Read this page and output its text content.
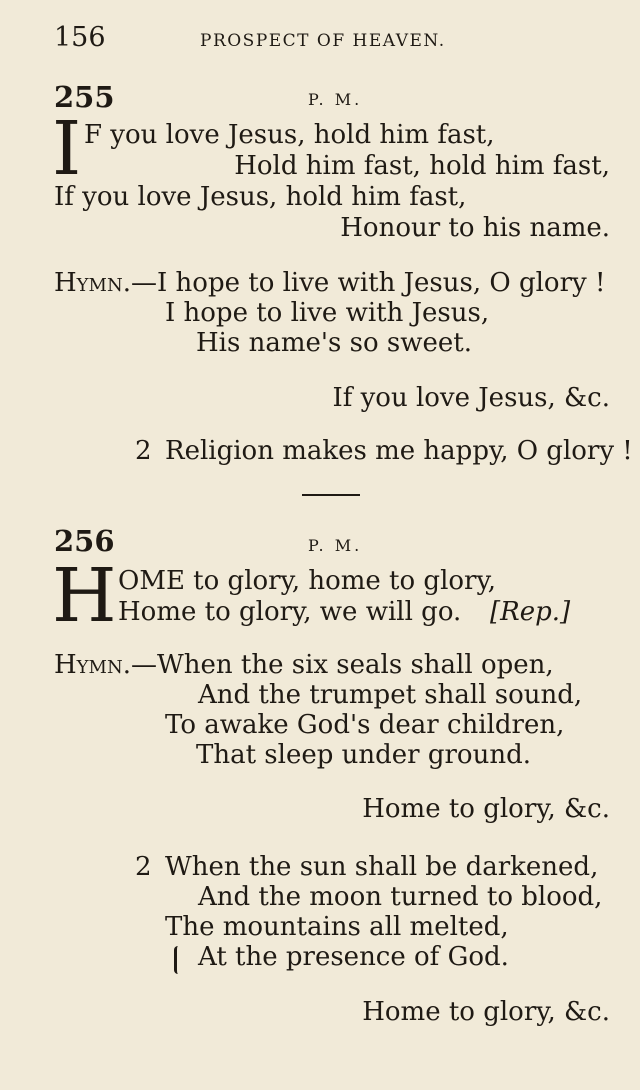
156	PROSPECT OF HEAVEN.
255	P. M.
I F you love Jesus, hold him fast,
Hold him fast, hold him fast,
If you love Jesus, hold him fast,
Honour to his name.
Hymn.—I hope to live with Jesus, O glory !
I hope to live with Jesus,
His name's so sweet.
If you love Jesus, &c.
2 Religion makes me happy, O glory !
256	P. M.
H OME to glory, home to glory,
Home to glory, we will go. [Rep.]
Hymn.—When the six seals shall open,
And the trumpet shall sound,
To awake God's dear children,
That sleep under ground.
Home to glory, &c.
2 When the sun shall be darkened,
And the moon turned to blood,
The mountains all melted,
At the presence of God.
Home to glory, &c.
